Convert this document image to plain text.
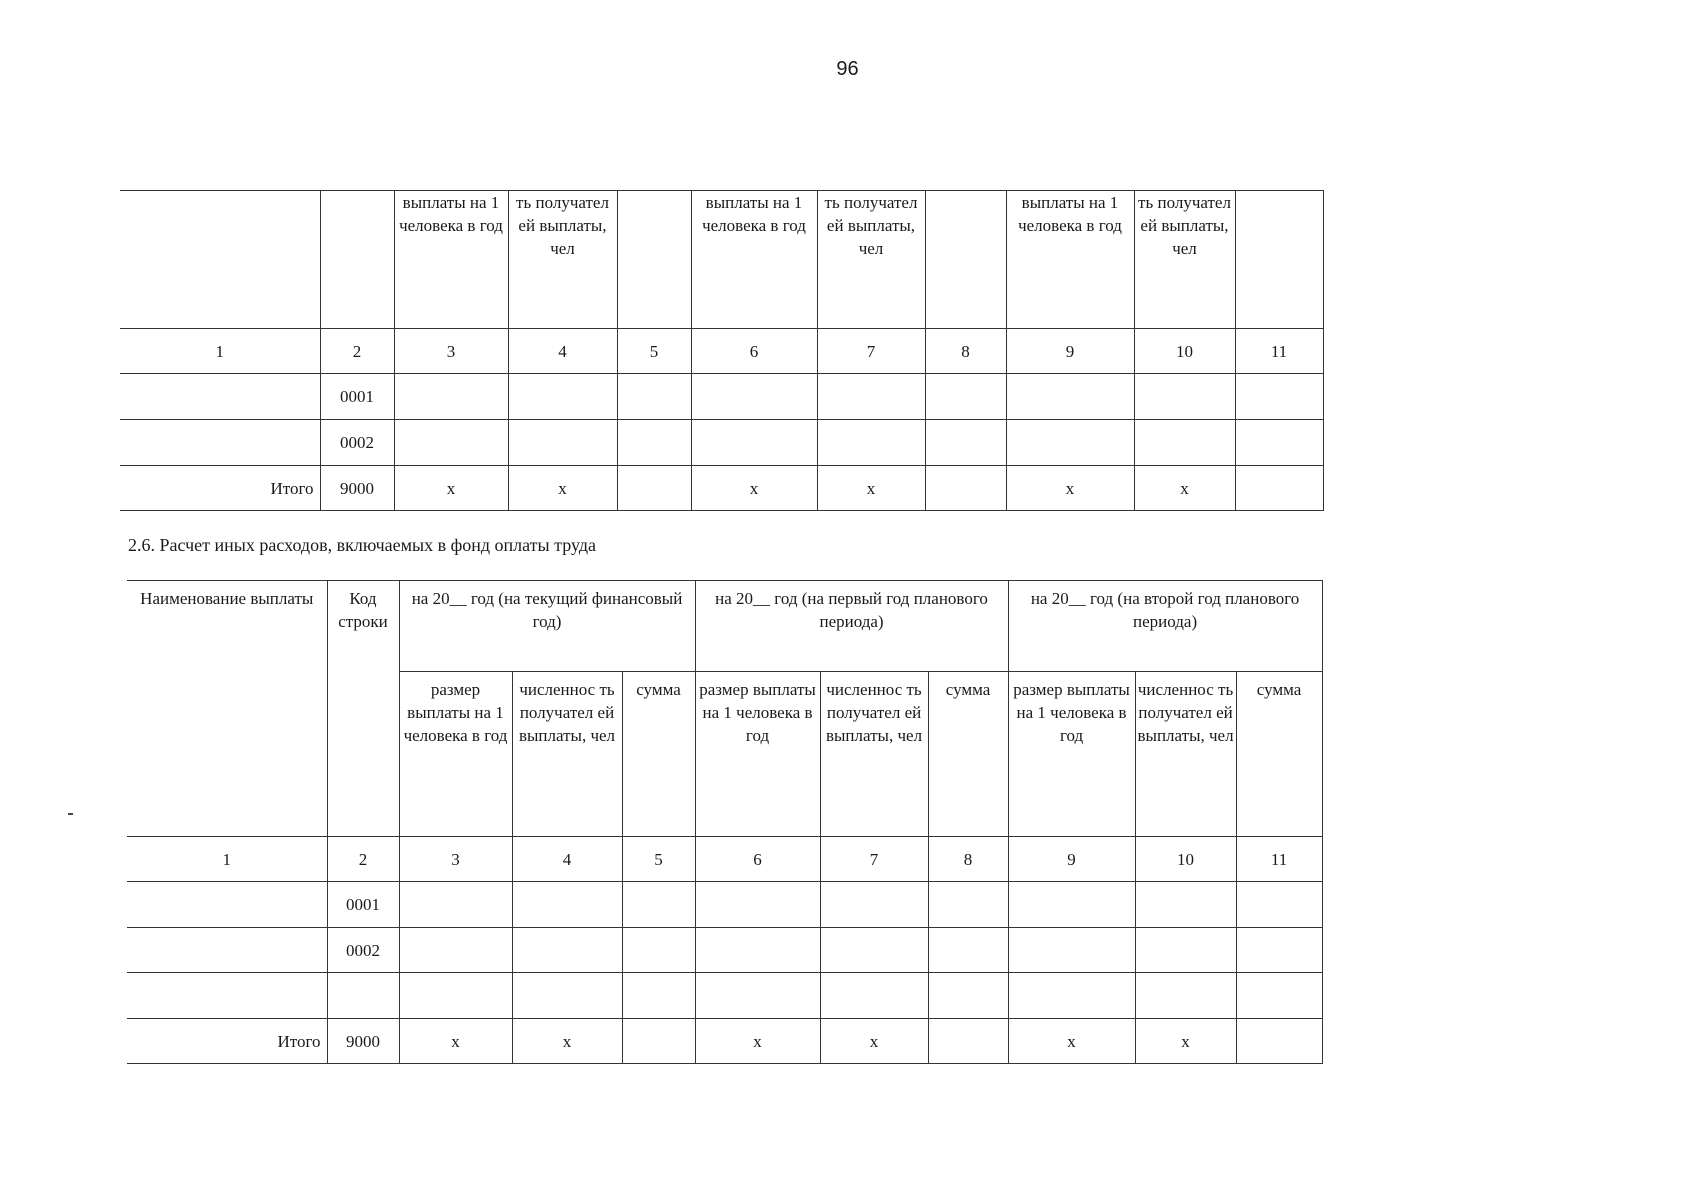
96
		выплаты на 1 человека в год	ть получател ей выплаты, чел		выплаты на 1 человека в год	ть получател ей выплаты, чел		выплаты на 1 человека в год	ть получател ей выплаты, чел	
1	2	3	4	5	6	7	8	9	10	11
	0001									
	0002									
Итого	9000	x	x		x	x		x	x	
2.6. Расчет иных расходов, включаемых в фонд оплаты труда
Наименование выплаты	Код строки	на 20__ год (на текущий финансовый год)			на 20__ год (на первый год планового периода)			на 20__ год (на второй год планового периода)		
		размер выплаты на 1 человека в год	численнос ть получател ей выплаты, чел	сумма	размер выплаты на 1 человека в год	численнос ть получател ей выплаты, чел	сумма	размер выплаты на 1 человека в год	численнос ть получател ей выплаты, чел	сумма
1	2	3	4	5	6	7	8	9	10	11
	0001									
	0002									

Итого	9000	x	x		x	x		x	x	
